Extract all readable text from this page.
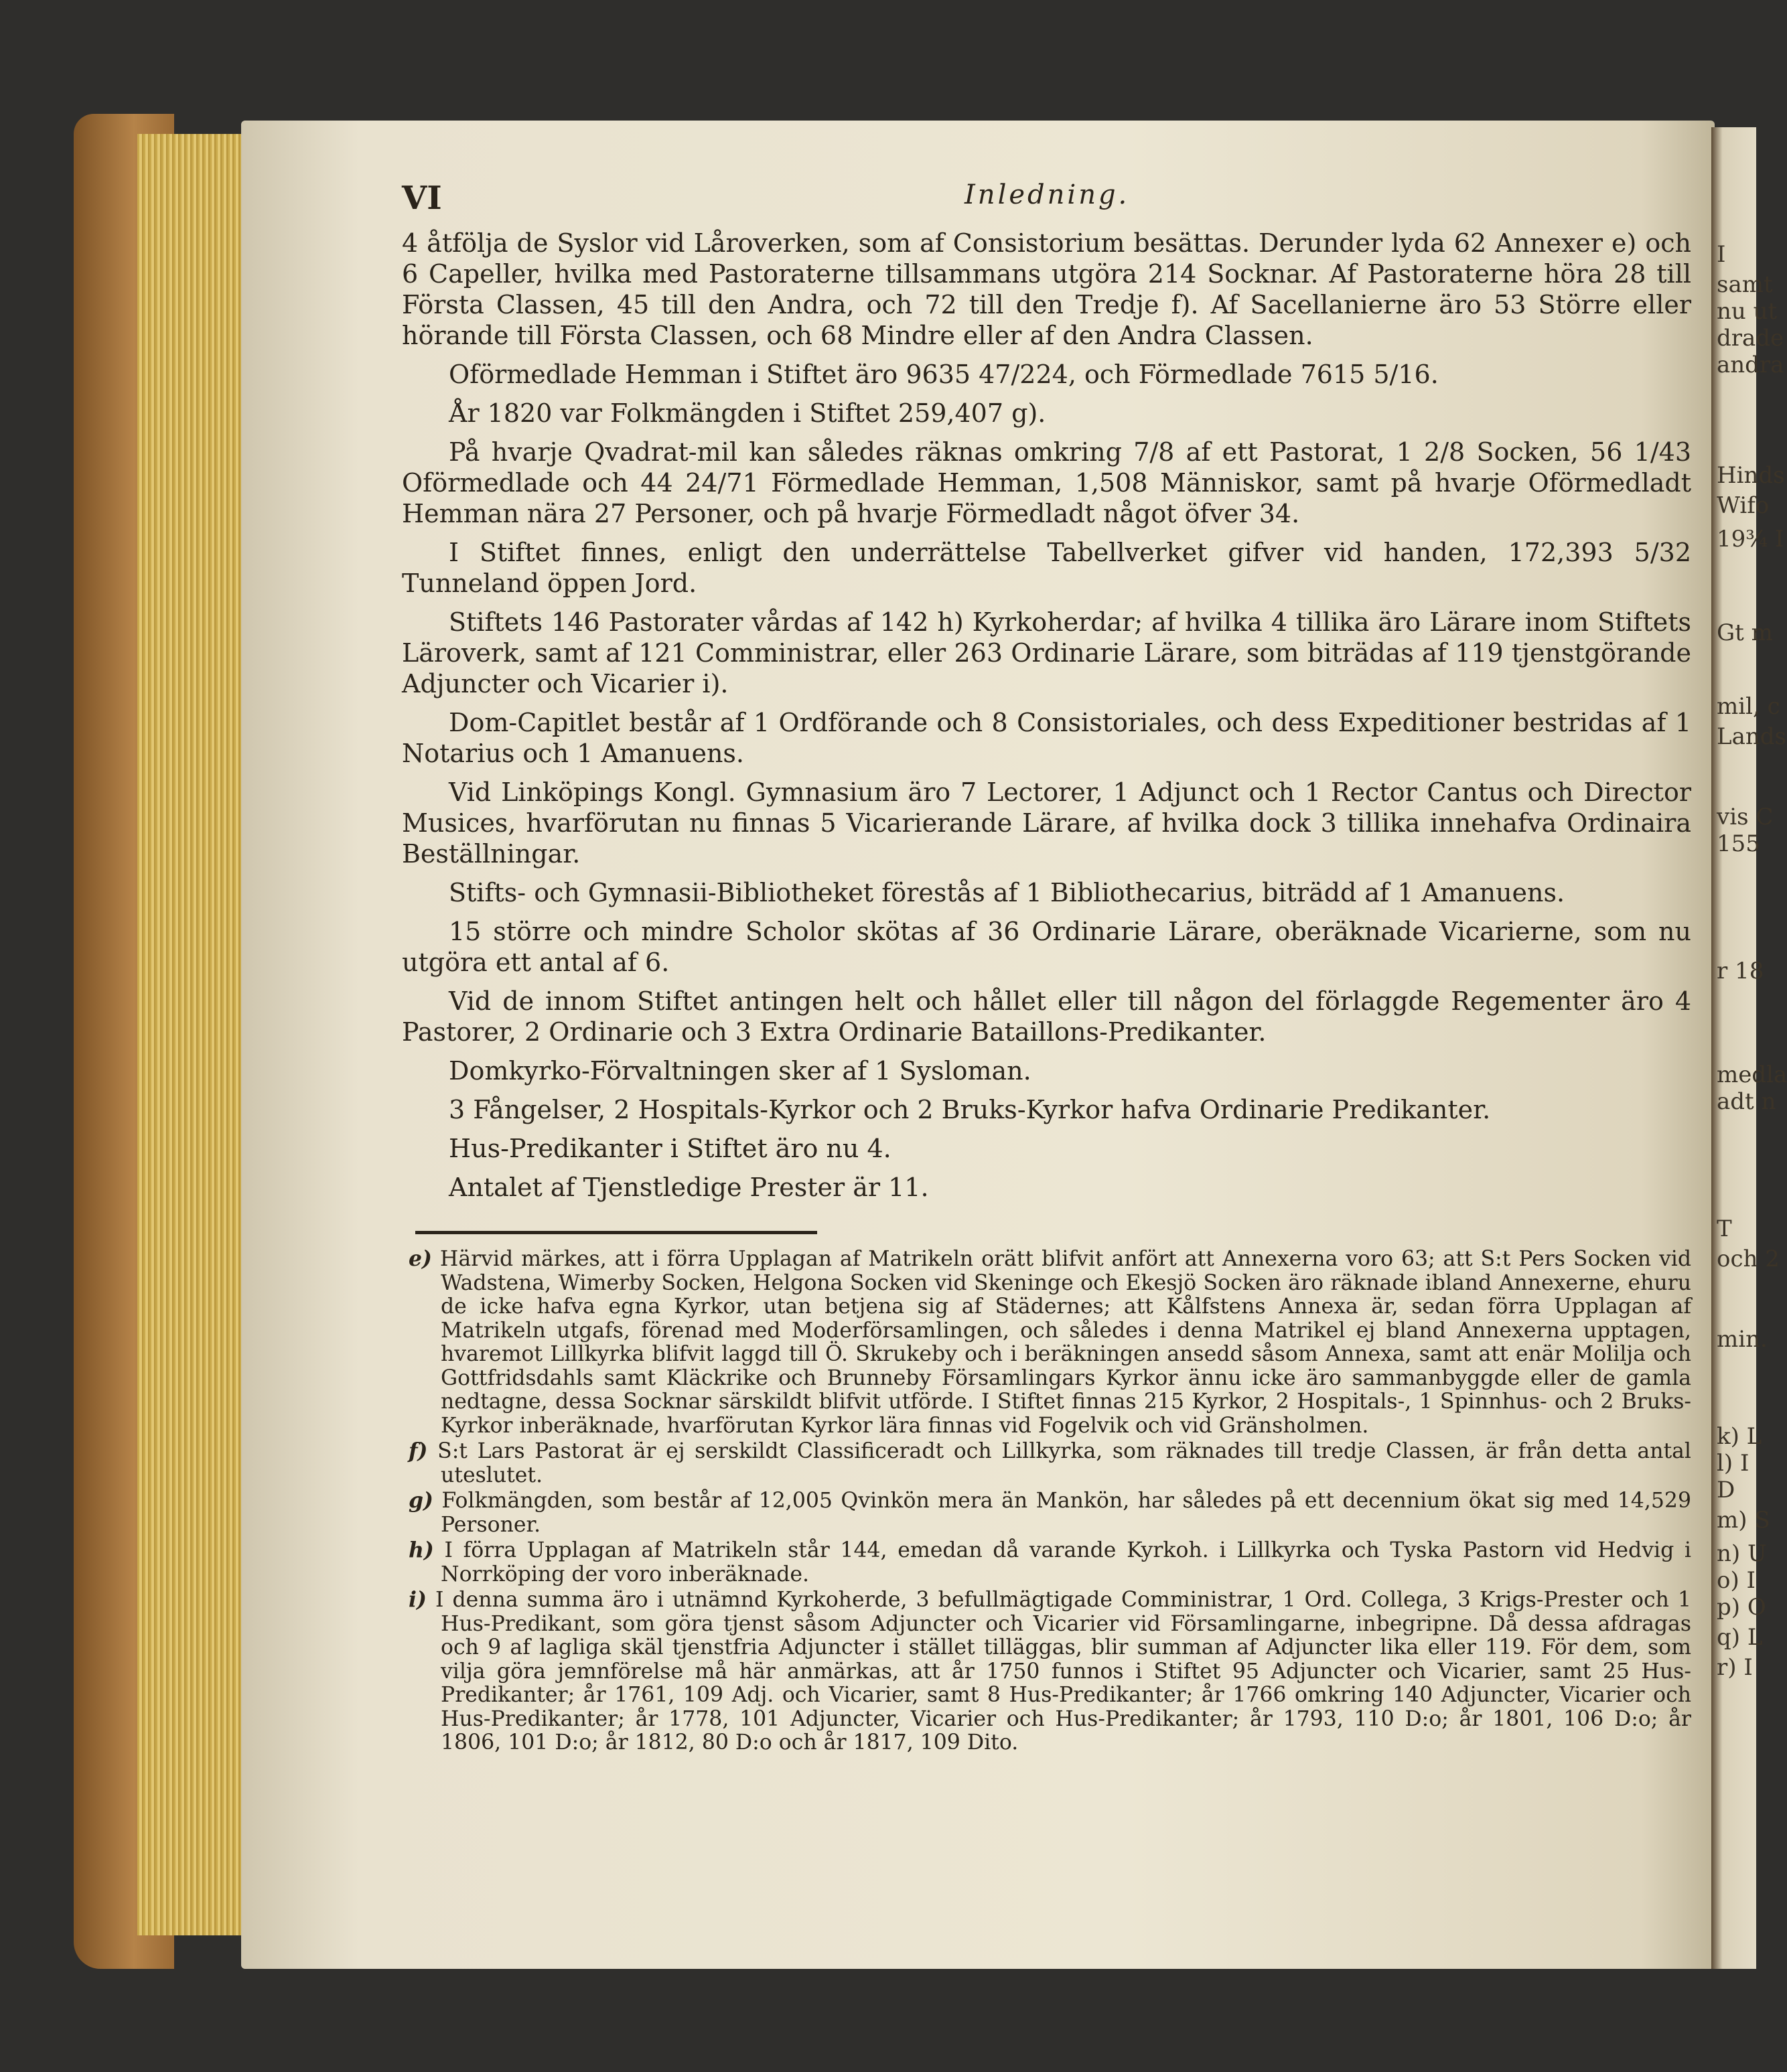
I
samt
nu ut
drade
andra
Hinds
Wifo
19¾ I
Gt m
mil, c
Lands
vis C
155
r 18
medla
adt n
T
och 2
min.
k) L
l) I
D
m) S
n) U
o) I
p) O
q) L
r) I
VI	Inledning.

4 åtfölja de Syslor vid Låroverken, som af Consistorium besättas. Derunder lyda 62 Annexer e) och 6 Capeller, hvilka med Pastoraterne tillsammans utgöra 214 Socknar. Af Pastoraterne höra 28 till Första Classen, 45 till den Andra, och 72 till den Tredje f). Af Sacellanierne äro 53 Större eller hörande till Första Classen, och 68 Mindre eller af den Andra Classen.

Oförmedlade Hemman i Stiftet äro 9635 47/224, och Förmedlade 7615 5/16.

År 1820 var Folkmängden i Stiftet 259,407 g).

På hvarje Qvadrat-mil kan således räknas omkring 7/8 af ett Pastorat, 1 2/8 Socken, 56 1/43 Oförmedlade och 44 24/71 Förmedlade Hemman, 1,508 Människor, samt på hvarje Oförmedladt Hemman nära 27 Personer, och på hvarje Förmedladt något öfver 34.

I Stiftet finnes, enligt den underrättelse Tabellverket gifver vid handen, 172,393 5/32 Tunneland öppen Jord.

Stiftets 146 Pastorater vårdas af 142 h) Kyrkoherdar; af hvilka 4 tillika äro Lärare inom Stiftets Läroverk, samt af 121 Comministrar, eller 263 Ordinarie Lärare, som biträdas af 119 tjenstgörande Adjuncter och Vicarier i).

Dom-Capitlet består af 1 Ordförande och 8 Consistoriales, och dess Expeditioner bestridas af 1 Notarius och 1 Amanuens.

Vid Linköpings Kongl. Gymnasium äro 7 Lectorer, 1 Adjunct och 1 Rector Cantus och Director Musices, hvarförutan nu finnas 5 Vicarierande Lärare, af hvilka dock 3 tillika innehafva Ordinaira Beställningar.

Stifts- och Gymnasii-Bibliotheket förestås af 1 Bibliothecarius, biträdd af 1 Amanuens.

15 större och mindre Scholor skötas af 36 Ordinarie Lärare, oberäknade Vicarierne, som nu utgöra ett antal af 6.

Vid de innom Stiftet antingen helt och hållet eller till någon del förlaggde Regementer äro 4 Pastorer, 2 Ordinarie och 3 Extra Ordinarie Bataillons-Predikanter.

Domkyrko-Förvaltningen sker af 1 Sysloman.

3 Fångelser, 2 Hospitals-Kyrkor och 2 Bruks-Kyrkor hafva Ordinarie Predikanter.

Hus-Predikanter i Stiftet äro nu 4.

Antalet af Tjenstledige Prester är 11.

e) Härvid märkes, att i förra Upplagan af Matrikeln orätt blifvit anfört att Annexerna voro 63; att S:t Pers Socken vid Wadstena, Wimerby Socken, Helgona Socken vid Skeninge och Ekesjö Socken äro räknade ibland Annexerne, ehuru de icke hafva egna Kyrkor, utan betjena sig af Städernes; att Kålfstens Annexa är, sedan förra Upplagan af Matrikeln utgafs, förenad med Moderförsamlingen, och således i denna Matrikel ej bland Annexerna upptagen, hvaremot Lillkyrka blifvit laggd till Ö. Skrukeby och i beräkningen ansedd såsom Annexa, samt att enär Molilja och Gottfridsdahls samt Kläckrike och Brunneby Församlingars Kyrkor ännu icke äro sammanbyggde eller de gamla nedtagne, dessa Socknar särskildt blifvit utförde. I Stiftet finnas 215 Kyrkor, 2 Hospitals-, 1 Spinnhus- och 2 Bruks-Kyrkor inberäknade, hvarförutan Kyrkor lära finnas vid Fogelvik och vid Gränsholmen.

f) S:t Lars Pastorat är ej serskildt Classificeradt och Lillkyrka, som räknades till tredje Classen, är från detta antal uteslutet.

g) Folkmängden, som består af 12,005 Qvinkön mera än Mankön, har således på ett decennium ökat sig med 14,529 Personer.

h) I förra Upplagan af Matrikeln står 144, emedan då varande Kyrkoh. i Lillkyrka och Tyska Pastorn vid Hedvig i Norrköping der voro inberäknade.

i) I denna summa äro i utnämnd Kyrkoherde, 3 befullmägtigade Comministrar, 1 Ord. Collega, 3 Krigs-Prester och 1 Hus-Predikant, som göra tjenst såsom Adjuncter och Vicarier vid Församlingarne, inbegripne. Då dessa afdragas och 9 af lagliga skäl tjenstfria Adjuncter i stället tilläggas, blir summan af Adjuncter lika eller 119. För dem, som vilja göra jemnförelse må här anmärkas, att år 1750 funnos i Stiftet 95 Adjuncter och Vicarier, samt 25 Hus-Predikanter; år 1761, 109 Adj. och Vicarier, samt 8 Hus-Predikanter; år 1766 omkring 140 Adjuncter, Vicarier och Hus-Predikanter; år 1778, 101 Adjuncter, Vicarier och Hus-Predikanter; år 1793, 110 D:o; år 1801, 106 D:o; år 1806, 101 D:o; år 1812, 80 D:o och år 1817, 109 Dito.
